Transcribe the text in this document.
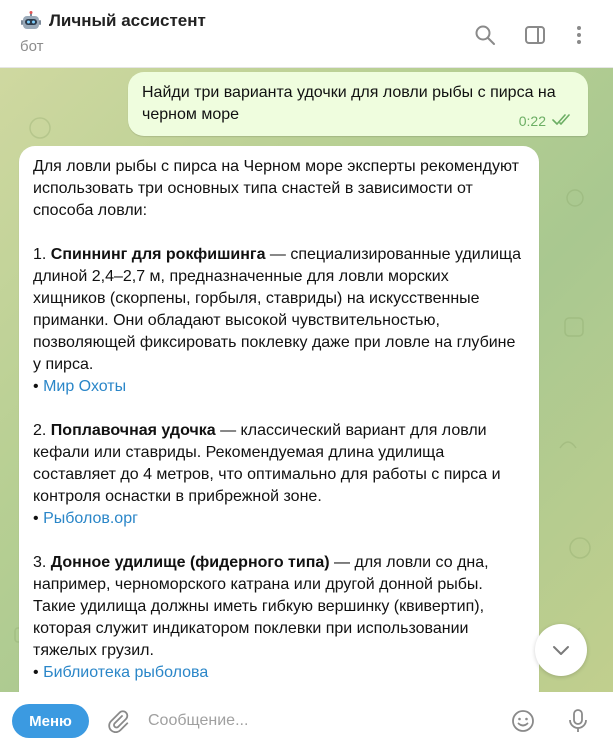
Личный ассистент
бот
Найди три варианта удочки для ловли рыбы с пирса на черном море	0:22

Для ловли рыбы с пирса на Черном море эксперты рекомендуют использовать три основных типа снастей в зависимости от способа ловли:

1. Спиннинг для рокфишинга — специализированные удилища длиной 2,4–2,7 м, предназначенные для ловли морских хищников (скорпены, горбыля, ставриды) на искусственные приманки. Они обладают высокой чувствительностью, позволяющей фиксировать поклевку даже при ловле на глубине у пирса.

• Мир Охоты

2. Поплавочная удочка — классический вариант для ловли кефали или ставриды. Рекомендуемая длина удилища составляет до 4 метров, что оптимально для работы с пирса и контроля оснастки в прибрежной зоне.

• Рыболов.орг

3. Донное удилище (фидерного типа) — для ловли со дна, например, черноморского катрана или другой донной рыбы. Такие удилища должны иметь гибкую вершинку (квивертип), которая служит индикатором поклевки при использовании тяжелых грузил.

• Библиотека рыболова

Меню
Сообщение...
